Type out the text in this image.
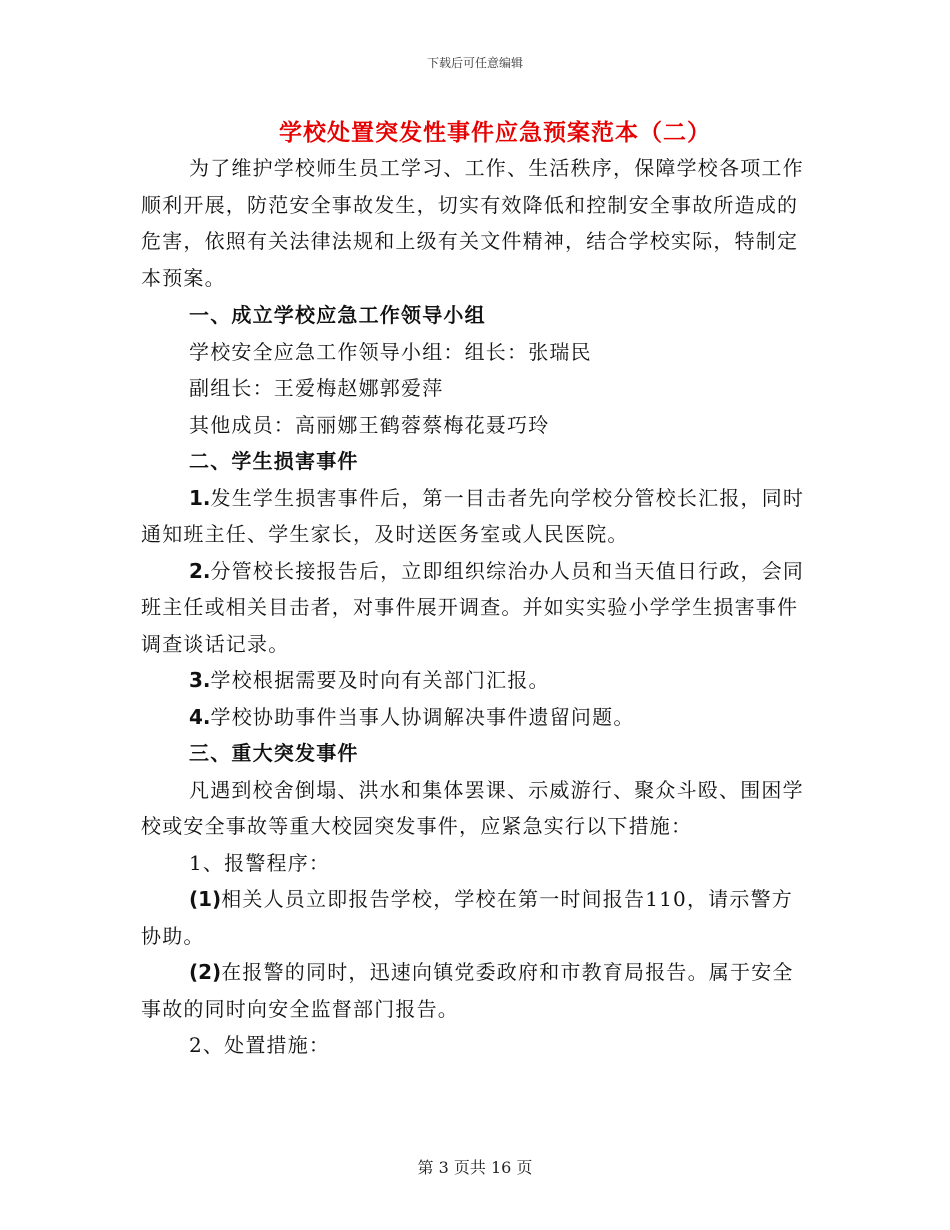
下载后可任意编辑
学校处置突发性事件应急预案范本（二）

为了维护学校师生员工学习、工作、生活秩序，保障学校各项工作顺利开展，防范安全事故发生，切实有效降低和控制安全事故所造成的危害，依照有关法律法规和上级有关文件精神，结合学校实际，特制定本预案。

一、成立学校应急工作领导小组

学校安全应急工作领导小组：组长：张瑞民

副组长：王爱梅赵娜郭爱萍

其他成员：高丽娜王鹤蓉蔡梅花聂巧玲

二、学生损害事件

1.发生学生损害事件后，第一目击者先向学校分管校长汇报，同时通知班主任、学生家长，及时送医务室或人民医院。

2.分管校长接报告后，立即组织综治办人员和当天值日行政，会同班主任或相关目击者，对事件展开调查。并如实实验小学学生损害事件调查谈话记录。

3.学校根据需要及时向有关部门汇报。

4.学校协助事件当事人协调解决事件遗留问题。

三、重大突发事件

凡遇到校舍倒塌、洪水和集体罢课、示威游行、聚众斗殴、围困学校或安全事故等重大校园突发事件，应紧急实行以下措施：

1、报警程序：

(1)相关人员立即报告学校，学校在第一时间报告110，请示警方协助。

(2)在报警的同时，迅速向镇党委政府和市教育局报告。属于安全事故的同时向安全监督部门报告。

2、处置措施：

第 3 页共 16 页
